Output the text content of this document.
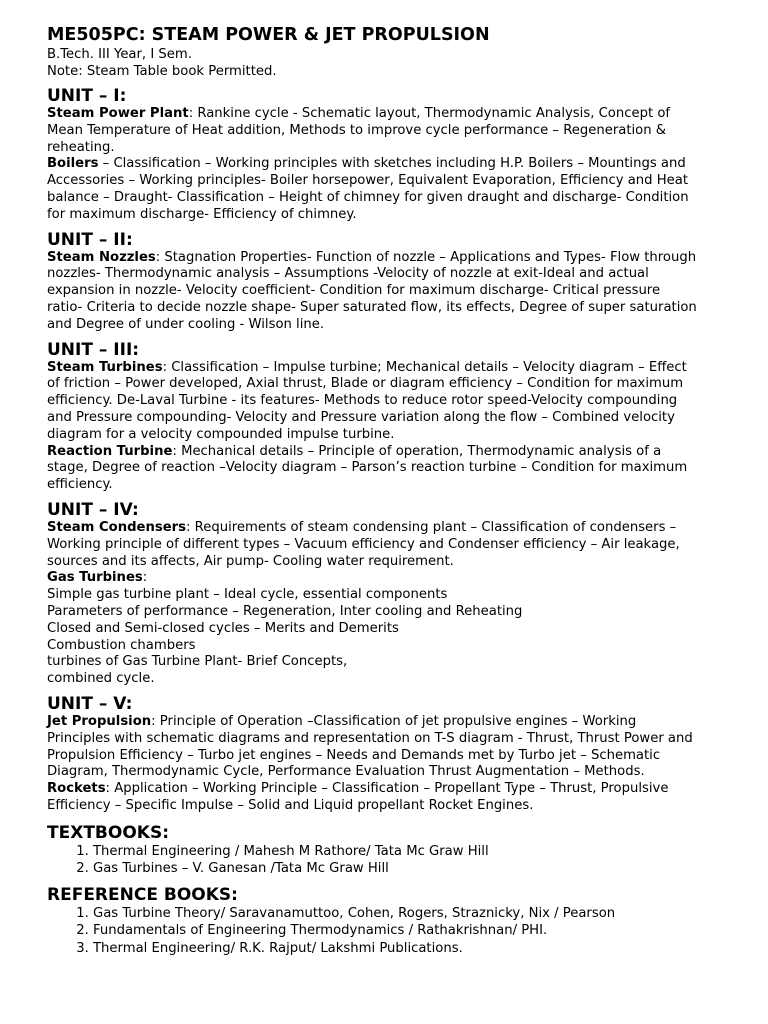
ME505PC: STEAM POWER & JET PROPULSION

B.Tech. III Year, I Sem.

Note: Steam Table book Permitted.

UNIT – I:

Steam Power Plant: Rankine cycle - Schematic layout, Thermodynamic Analysis, Concept of Mean Temperature of Heat addition, Methods to improve cycle performance – Regeneration & reheating.

Boilers – Classification – Working principles with sketches including H.P. Boilers – Mountings and Accessories – Working principles- Boiler horsepower, Equivalent Evaporation, Efficiency and Heat balance – Draught- Classification – Height of chimney for given draught and discharge- Condition for maximum discharge- Efficiency of chimney.

UNIT – II:

Steam Nozzles: Stagnation Properties- Function of nozzle – Applications and Types- Flow through nozzles- Thermodynamic analysis – Assumptions -Velocity of nozzle at exit-Ideal and actual expansion in nozzle- Velocity coefficient- Condition for maximum discharge- Critical pressure ratio- Criteria to decide nozzle shape- Super saturated flow, its effects, Degree of super saturation and Degree of under cooling - Wilson line.

UNIT – III:

Steam Turbines: Classification – Impulse turbine; Mechanical details – Velocity diagram – Effect of friction – Power developed, Axial thrust, Blade or diagram efficiency – Condition for maximum efficiency. De-Laval Turbine - its features- Methods to reduce rotor speed-Velocity compounding and Pressure compounding- Velocity and Pressure variation along the flow – Combined velocity diagram for a velocity compounded impulse turbine.

Reaction Turbine: Mechanical details – Principle of operation, Thermodynamic analysis of a stage, Degree of reaction –Velocity diagram – Parson’s reaction turbine – Condition for maximum efficiency.

UNIT – IV:

Steam Condensers: Requirements of steam condensing plant – Classification of condensers – Working principle of different types – Vacuum efficiency and Condenser efficiency – Air leakage, sources and its affects, Air pump- Cooling water requirement.

Gas Turbines:

Simple gas turbine plant – Ideal cycle, essential components

Parameters of performance – Regeneration, Inter cooling and Reheating

Closed and Semi-closed cycles – Merits and Demerits

Combustion chambers

turbines of Gas Turbine Plant- Brief Concepts,

combined cycle.

UNIT – V:

Jet Propulsion: Principle of Operation –Classification of jet propulsive engines – Working Principles with schematic diagrams and representation on T-S diagram - Thrust, Thrust Power and Propulsion Efficiency – Turbo jet engines – Needs and Demands met by Turbo jet – Schematic Diagram, Thermodynamic Cycle, Performance Evaluation Thrust Augmentation – Methods.

Rockets: Application – Working Principle – Classification – Propellant Type – Thrust, Propulsive Efficiency – Specific Impulse – Solid and Liquid propellant Rocket Engines.

TEXTBOOKS:
1. Thermal Engineering / Mahesh M Rathore/ Tata Mc Graw Hill
2. Gas Turbines – V. Ganesan /Tata Mc Graw Hill
REFERENCE BOOKS:
1. Gas Turbine Theory/ Saravanamuttoo, Cohen, Rogers, Straznicky, Nix / Pearson
2. Fundamentals of Engineering Thermodynamics / Rathakrishnan/ PHI.
3. Thermal Engineering/ R.K. Rajput/ Lakshmi Publications.
